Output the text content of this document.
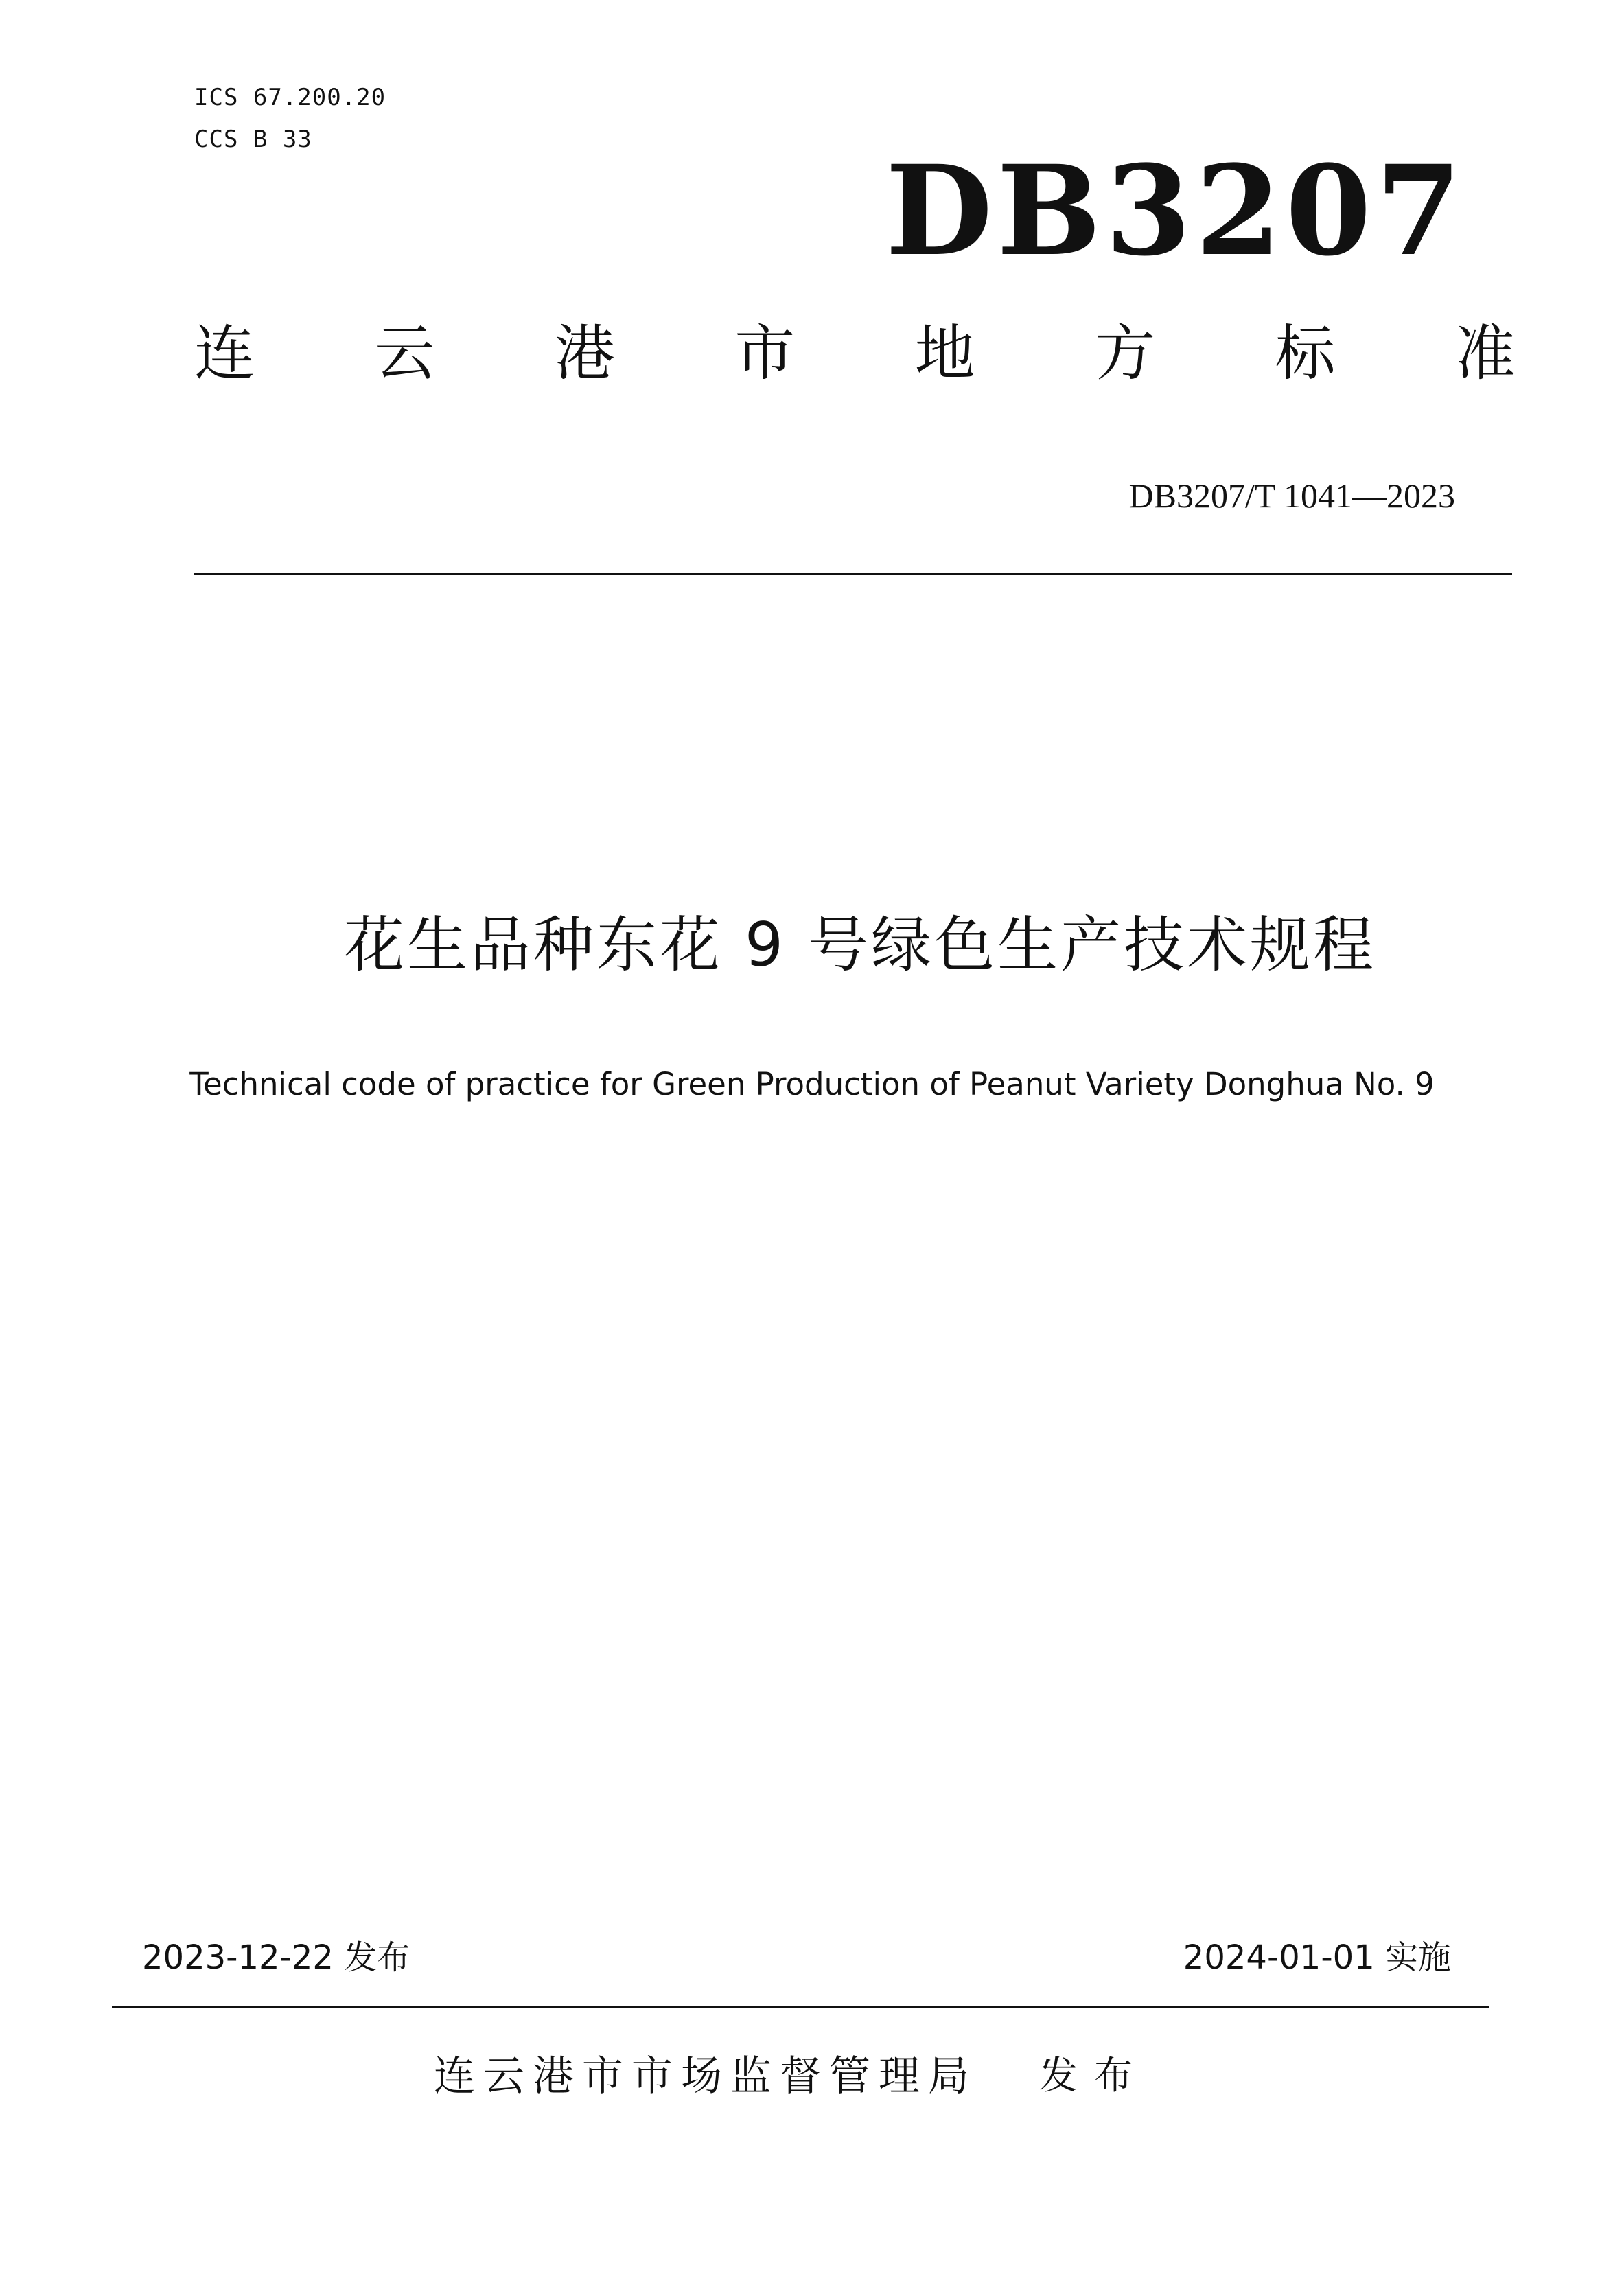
ICS 67.200.20
CCS B 33	DB3207
连 云 港 市 地 方 标 准
DB3207/T 1041—2023
花生品种东花 9 号绿色生产技术规程
Technical code of practice for Green Production of Peanut Variety Donghua No. 9
2023-12-22 发布	2024-01-01 实施
连云港市市场监督管理局 发布
